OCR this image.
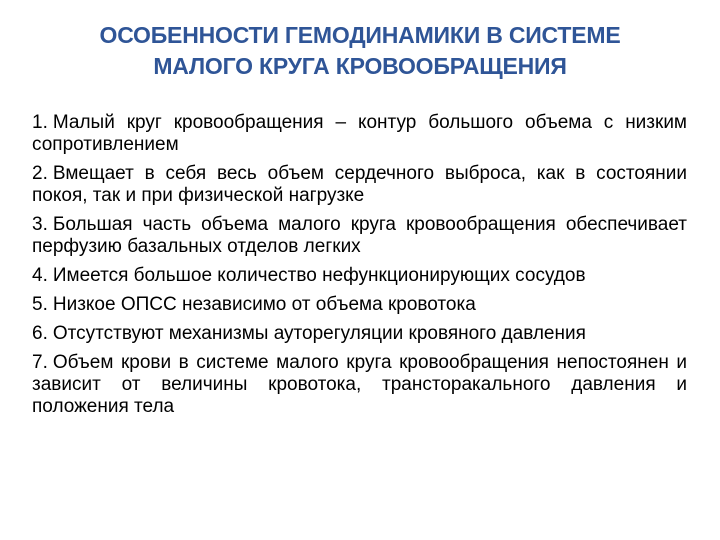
ОСОБЕННОСТИ ГЕМОДИНАМИКИ В СИСТЕМЕ
МАЛОГО КРУГА КРОВООБРАЩЕНИЯ
1. Малый круг кровообращения – контур большого объема с низким сопротивлением
2. Вмещает в себя весь объем сердечного выброса, как в состоянии покоя, так и при физической нагрузке
3. Большая часть объема малого круга кровообращения обеспечивает перфузию базальных отделов легких
4. Имеется большое количество нефункционирующих сосудов
5. Низкое ОПСС независимо от объема кровотока
6. Отсутствуют механизмы ауторегуляции кровяного давления
7. Объем крови в системе малого круга кровообращения непостоянен и зависит от величины кровотока, трансторакального давления и положения тела
